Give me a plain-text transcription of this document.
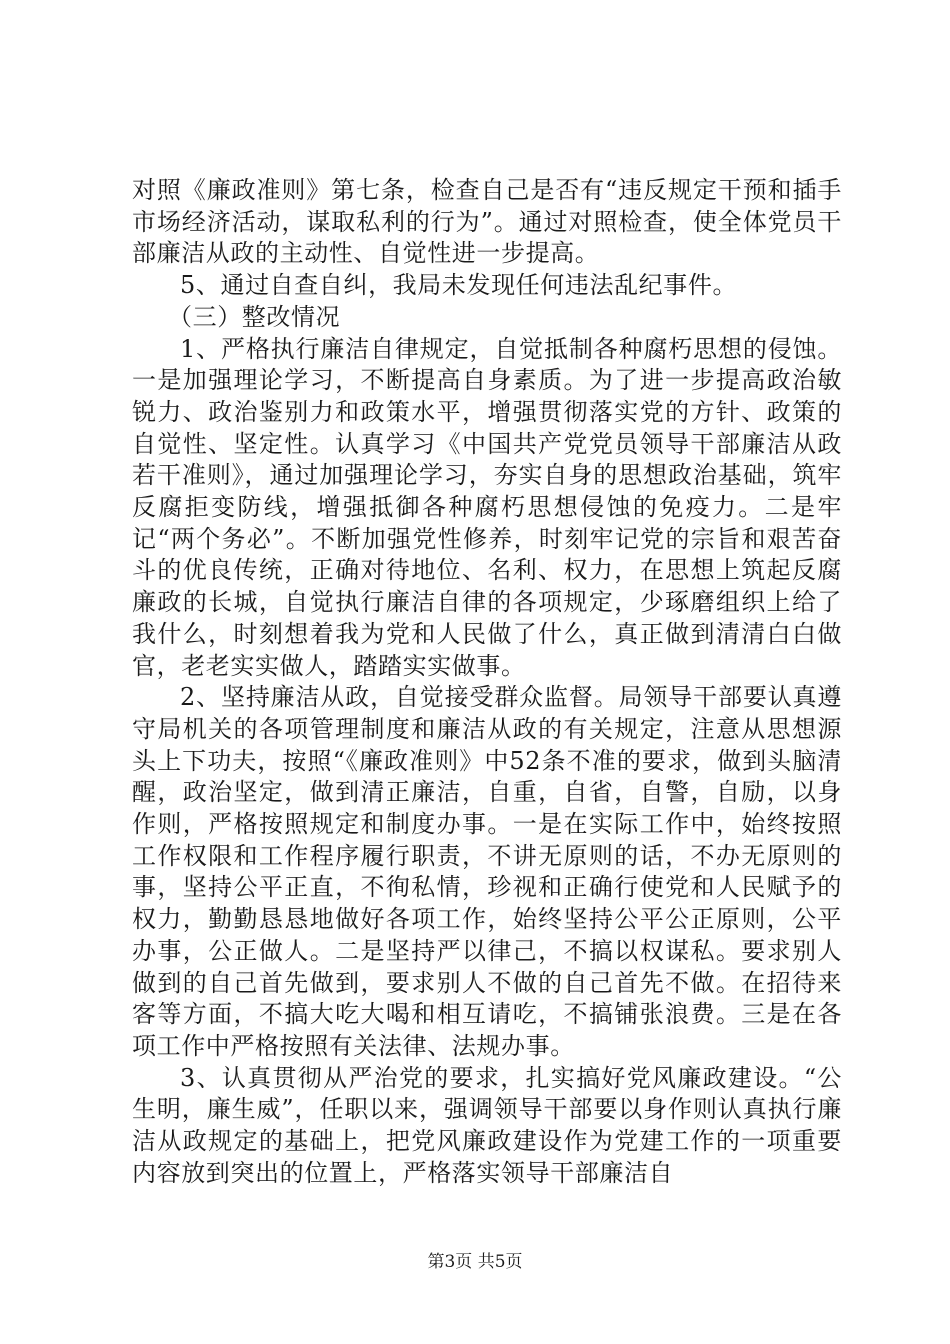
对照《廉政准则》第七条，检查自己是否有“违反规定干预和插手市场经济活动，谋取私利的行为”。通过对照检查，使全体党员干部廉洁从政的主动性、自觉性进一步提高。

5、通过自查自纠，我局未发现任何违法乱纪事件。

（三）整改情况

1、严格执行廉洁自律规定，自觉抵制各种腐朽思想的侵蚀。一是加强理论学习，不断提高自身素质。为了进一步提高政治敏锐力、政治鉴别力和政策水平，增强贯彻落实党的方针、政策的自觉性、坚定性。认真学习《中国共产党党员领导干部廉洁从政若干准则》，通过加强理论学习，夯实自身的思想政治基础，筑牢反腐拒变防线，增强抵御各种腐朽思想侵蚀的免疫力。二是牢记“两个务必”。不断加强党性修养，时刻牢记党的宗旨和艰苦奋斗的优良传统，正确对待地位、名利、权力，在思想上筑起反腐廉政的长城，自觉执行廉洁自律的各项规定，少琢磨组织上给了我什么，时刻想着我为党和人民做了什么，真正做到清清白白做官，老老实实做人，踏踏实实做事。

2、坚持廉洁从政，自觉接受群众监督。局领导干部要认真遵守局机关的各项管理制度和廉洁从政的有关规定，注意从思想源头上下功夫，按照“《廉政准则》中52条不准的要求，做到头脑清醒，政治坚定，做到清正廉洁，自重，自省，自警，自励，以身作则，严格按照规定和制度办事。一是在实际工作中，始终按照工作权限和工作程序履行职责，不讲无原则的话，不办无原则的事，坚持公平正直，不徇私情，珍视和正确行使党和人民赋予的权力，勤勤恳恳地做好各项工作，始终坚持公平公正原则，公平办事，公正做人。二是坚持严以律己，不搞以权谋私。要求别人做到的自己首先做到，要求别人不做的自己首先不做。在招待来客等方面，不搞大吃大喝和相互请吃，不搞铺张浪费。三是在各项工作中严格按照有关法律、法规办事。

3、认真贯彻从严治党的要求，扎实搞好党风廉政建设。“公生明，廉生威”，任职以来，强调领导干部要以身作则认真执行廉洁从政规定的基础上，把党风廉政建设作为党建工作的一项重要内容放到突出的位置上，严格落实领导干部廉洁自

第3页 共5页
